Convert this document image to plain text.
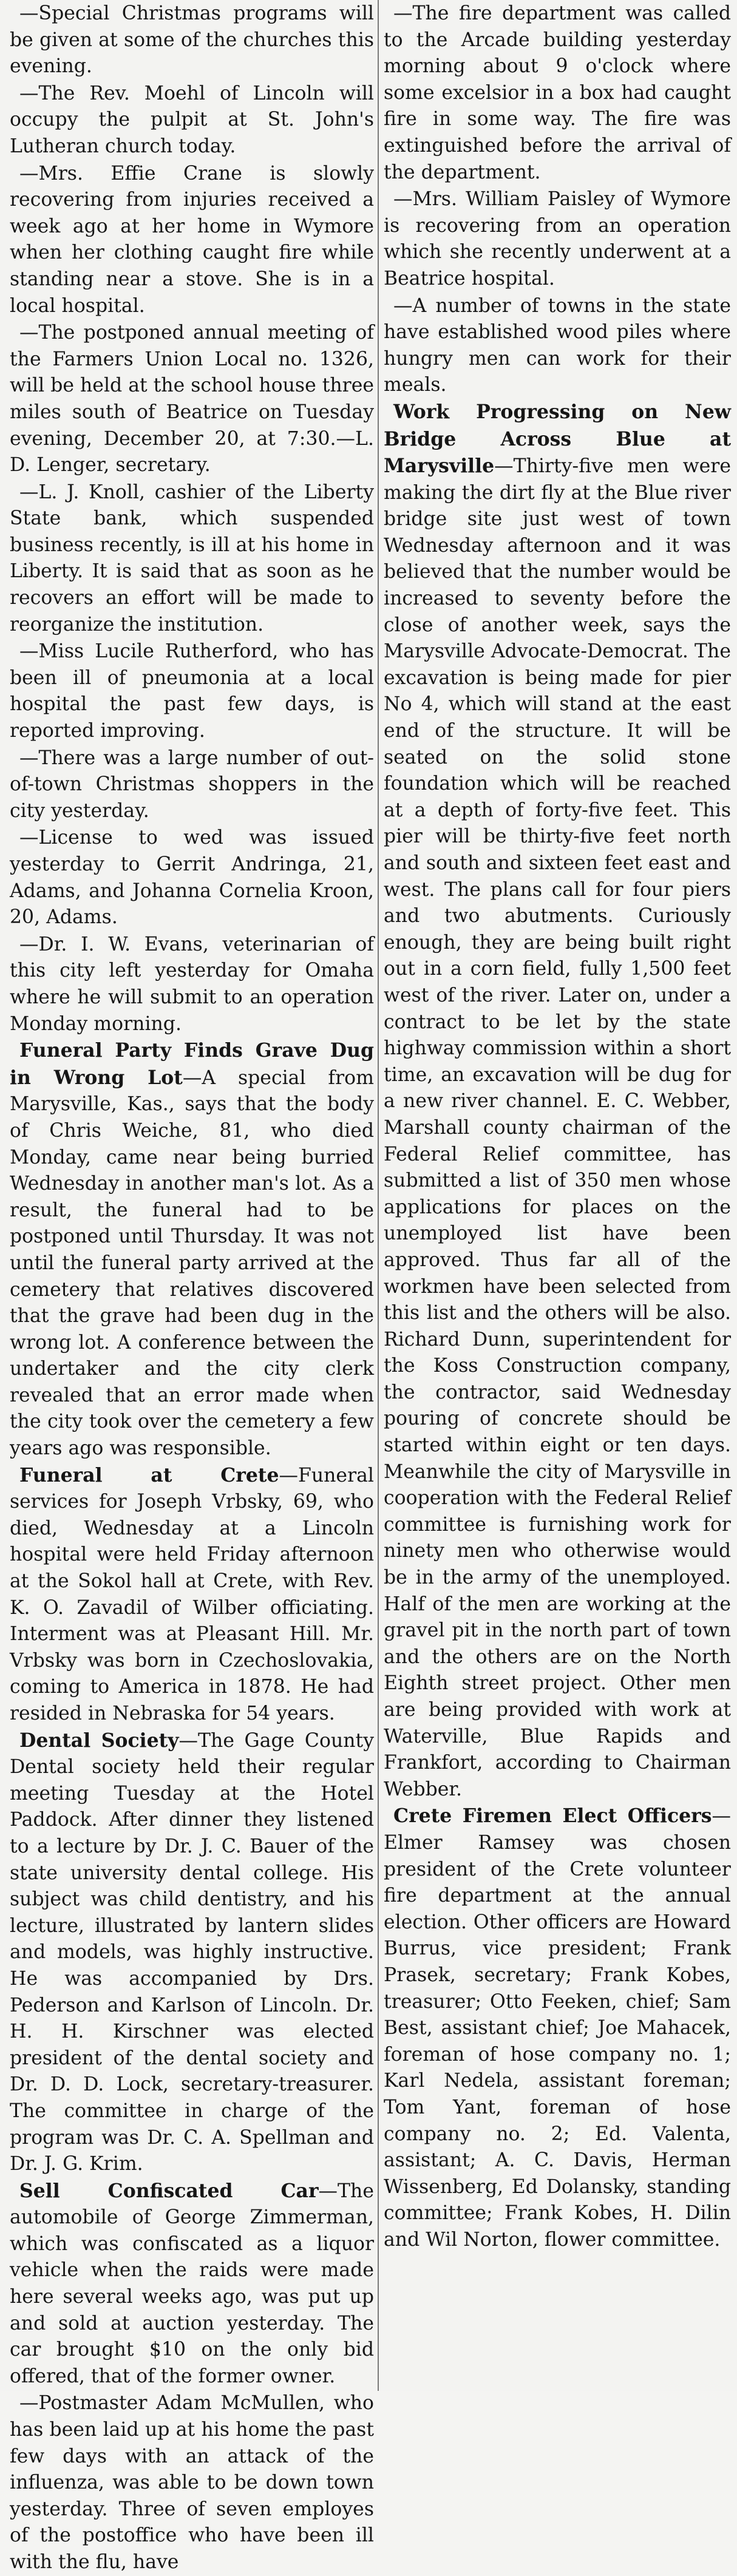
—Special Christmas programs will be given at some of the churches this evening.

—The Rev. Moehl of Lincoln will occupy the pulpit at St. John's Lutheran church today.

—Mrs. Effie Crane is slowly recovering from injuries received a week ago at her home in Wymore when her clothing caught fire while standing near a stove. She is in a local hospital.

—The postponed annual meeting of the Farmers Union Local no. 1326, will be held at the school house three miles south of Beatrice on Tuesday evening, December 20, at 7:30.—L. D. Lenger, secretary.

—L. J. Knoll, cashier of the Liberty State bank, which suspended business recently, is ill at his home in Liberty. It is said that as soon as he recovers an effort will be made to reorganize the institution.

—Miss Lucile Rutherford, who has been ill of pneumonia at a local hospital the past few days, is reported improving.

—There was a large number of out-of-town Christmas shoppers in the city yesterday.

—License to wed was issued yesterday to Gerrit Andringa, 21, Adams, and Johanna Cornelia Kroon, 20, Adams.

—Dr. I. W. Evans, veterinarian of this city left yesterday for Omaha where he will submit to an operation Monday morning.

Funeral Party Finds Grave Dug in Wrong Lot—A special from Marysville, Kas., says that the body of Chris Weiche, 81, who died Monday, came near being burried Wednesday in another man's lot. As a result, the funeral had to be postponed until Thursday. It was not until the funeral party arrived at the cemetery that relatives discovered that the grave had been dug in the wrong lot. A conference between the undertaker and the city clerk revealed that an error made when the city took over the cemetery a few years ago was responsible.

Funeral at Crete—Funeral services for Joseph Vrbsky, 69, who died, Wednesday at a Lincoln hospital were held Friday afternoon at the Sokol hall at Crete, with Rev. K. O. Zavadil of Wilber officiating. Interment was at Pleasant Hill. Mr. Vrbsky was born in Czechoslovakia, coming to America in 1878. He had resided in Nebraska for 54 years.

Dental Society—The Gage County Dental society held their regular meeting Tuesday at the Hotel Paddock. After dinner they listened to a lecture by Dr. J. C. Bauer of the state university dental college. His subject was child dentistry, and his lecture, illustrated by lantern slides and models, was highly instructive. He was accompanied by Drs. Pederson and Karlson of Lincoln. Dr. H. H. Kirschner was elected president of the dental society and Dr. D. D. Lock, secretary-treasurer. The committee in charge of the program was Dr. C. A. Spellman and Dr. J. G. Krim.

Sell Confiscated Car—The automobile of George Zimmerman, which was confiscated as a liquor vehicle when the raids were made here several weeks ago, was put up and sold at auction yesterday. The car brought $10 on the only bid offered, that of the former owner.

—Postmaster Adam McMullen, who has been laid up at his home the past few days with an attack of the influenza, was able to be down town yesterday. Three of seven employes of the postoffice who have been ill with the flu, have

—The fire department was called to the Arcade building yesterday morning about 9 o'clock where some excelsior in a box had caught fire in some way. The fire was extinguished before the arrival of the department.

—Mrs. William Paisley of Wymore is recovering from an operation which she recently underwent at a Beatrice hospital.

—A number of towns in the state have established wood piles where hungry men can work for their meals.

Work Progressing on New Bridge Across Blue at Marysville—Thirty-five men were making the dirt fly at the Blue river bridge site just west of town Wednesday afternoon and it was believed that the number would be increased to seventy before the close of another week, says the Marysville Advocate-Democrat. The excavation is being made for pier No 4, which will stand at the east end of the structure. It will be seated on the solid stone foundation which will be reached at a depth of forty-five feet. This pier will be thirty-five feet north and south and sixteen feet east and west. The plans call for four piers and two abutments. Curiously enough, they are being built right out in a corn field, fully 1,500 feet west of the river. Later on, under a contract to be let by the state highway commission within a short time, an excavation will be dug for a new river channel. E. C. Webber, Marshall county chairman of the Federal Relief committee, has submitted a list of 350 men whose applications for places on the unemployed list have been approved. Thus far all of the workmen have been selected from this list and the others will be also. Richard Dunn, superintendent for the Koss Construction company, the contractor, said Wednesday pouring of concrete should be started within eight or ten days. Meanwhile the city of Marysville in cooperation with the Federal Relief committee is furnishing work for ninety men who otherwise would be in the army of the unemployed. Half of the men are working at the gravel pit in the north part of town and the others are on the North Eighth street project. Other men are being provided with work at Waterville, Blue Rapids and Frankfort, according to Chairman Webber.

Crete Firemen Elect Officers—Elmer Ramsey was chosen president of the Crete volunteer fire department at the annual election. Other officers are Howard Burrus, vice president; Frank Prasek, secretary; Frank Kobes, treasurer; Otto Feeken, chief; Sam Best, assistant chief; Joe Mahacek, foreman of hose company no. 1; Karl Nedela, assistant foreman; Tom Yant, foreman of hose company no. 2; Ed. Valenta, assistant; A. C. Davis, Herman Wissenberg, Ed Dolansky, standing committee; Frank Kobes, H. Dilin and Wil Norton, flower committee.
